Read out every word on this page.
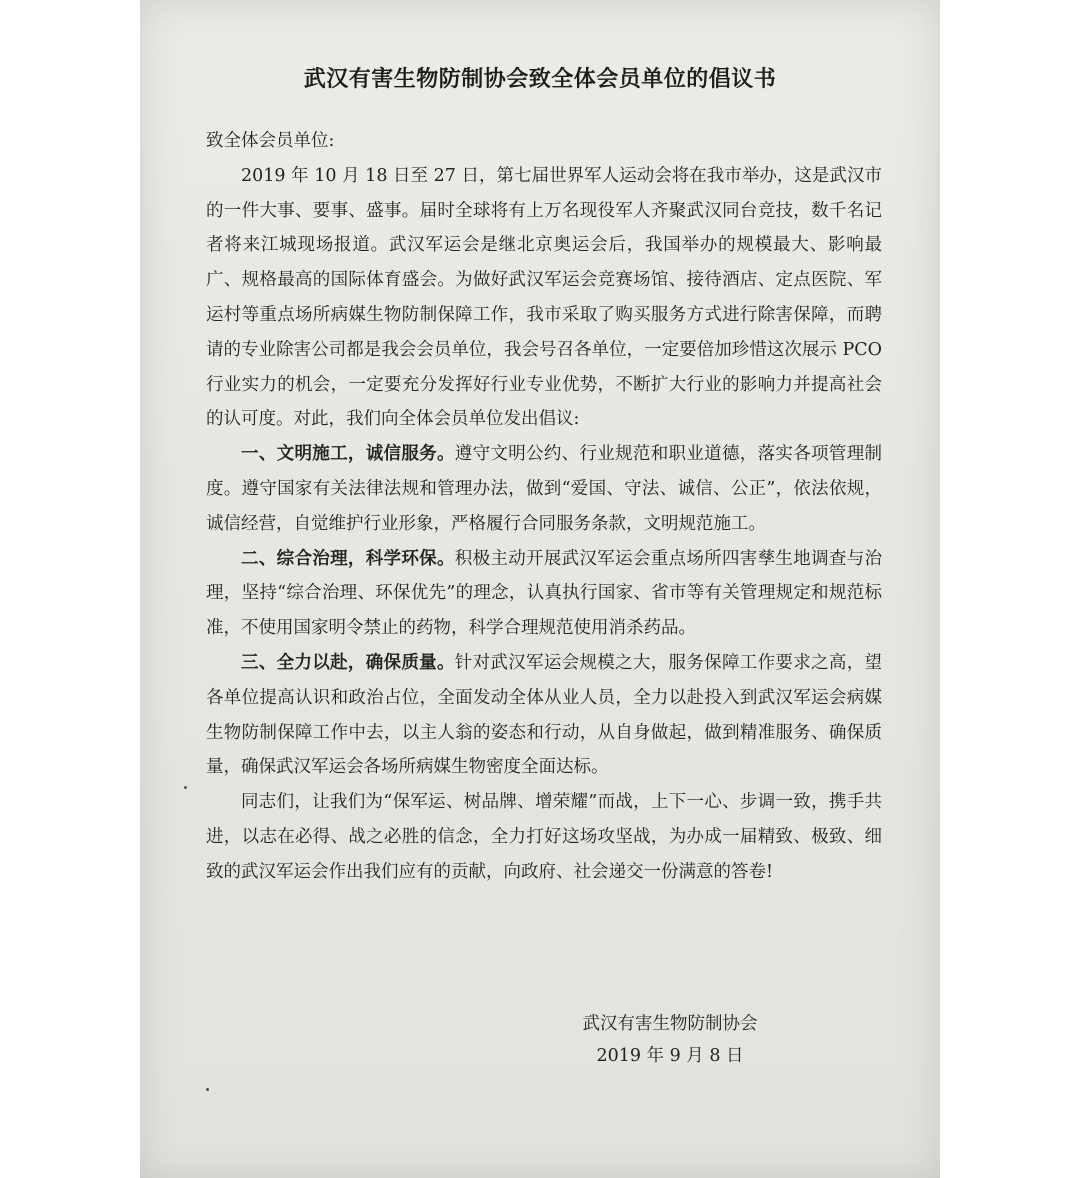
武汉有害生物防制协会致全体会员单位的倡议书

致全体会员单位:

2019 年 10 月 18 日至 27 日，第七届世界军人运动会将在我市举办，这是武汉市的一件大事、要事、盛事。届时全球将有上万名现役军人齐聚武汉同台竞技，数千名记者将来江城现场报道。武汉军运会是继北京奥运会后，我国举办的规模最大、影响最广、规格最高的国际体育盛会。为做好武汉军运会竞赛场馆、接待酒店、定点医院、军运村等重点场所病媒生物防制保障工作，我市采取了购买服务方式进行除害保障，而聘请的专业除害公司都是我会会员单位，我会号召各单位，一定要倍加珍惜这次展示 PCO 行业实力的机会，一定要充分发挥好行业专业优势，不断扩大行业的影响力并提高社会的认可度。对此，我们向全体会员单位发出倡议:

一、文明施工，诚信服务。遵守文明公约、行业规范和职业道德，落实各项管理制度。遵守国家有关法律法规和管理办法，做到“爱国、守法、诚信、公正”，依法依规，诚信经营，自觉维护行业形象，严格履行合同服务条款，文明规范施工。

二、综合治理，科学环保。积极主动开展武汉军运会重点场所四害孳生地调查与治理，坚持“综合治理、环保优先”的理念，认真执行国家、省市等有关管理规定和规范标准，不使用国家明令禁止的药物，科学合理规范使用消杀药品。

三、全力以赴，确保质量。针对武汉军运会规模之大，服务保障工作要求之高，望各单位提高认识和政治占位，全面发动全体从业人员，全力以赴投入到武汉军运会病媒生物防制保障工作中去，以主人翁的姿态和行动，从自身做起，做到精准服务、确保质量，确保武汉军运会各场所病媒生物密度全面达标。

同志们，让我们为“保军运、树品牌、增荣耀”而战，上下一心、步调一致，携手共进，以志在必得、战之必胜的信念，全力打好这场攻坚战，为办成一届精致、极致、细致的武汉军运会作出我们应有的贡献，向政府、社会递交一份满意的答卷!

武汉有害生物防制协会
2019 年 9 月 8 日
